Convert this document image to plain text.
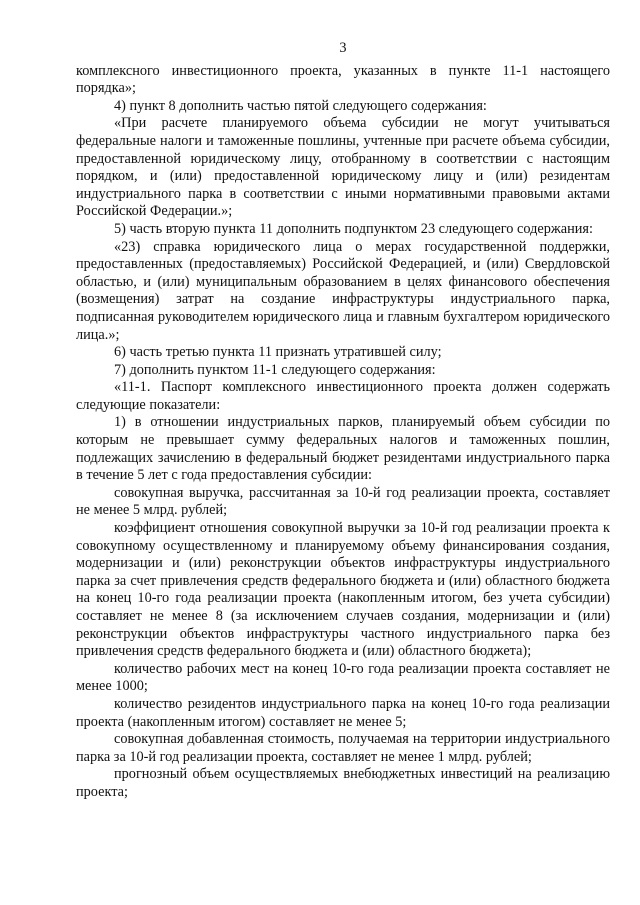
3

комплексного инвестиционного проекта, указанных в пункте 11-1 настоящего порядка»;

4) пункт 8 дополнить частью пятой следующего содержания:

«При расчете планируемого объема субсидии не могут учитываться федеральные налоги и таможенные пошлины, учтенные при расчете объема субсидии, предоставленной юридическому лицу, отобранному в соответствии с настоящим порядком, и (или) предоставленной юридическому лицу и (или) резидентам индустриального парка в соответствии с иными нормативными правовыми актами Российской Федерации.»;

5) часть вторую пункта 11 дополнить подпунктом 23 следующего содержания:

«23) справка юридического лица о мерах государственной поддержки, предоставленных (предоставляемых) Российской Федерацией, и (или) Свердловской областью, и (или) муниципальным образованием в целях финансового обеспечения (возмещения) затрат на создание инфраструктуры индустриального парка, подписанная руководителем юридического лица и главным бухгалтером юридического лица.»;

6) часть третью пункта 11 признать утратившей силу;

7) дополнить пунктом 11-1 следующего содержания:

«11-1. Паспорт комплексного инвестиционного проекта должен содержать следующие показатели:

1) в отношении индустриальных парков, планируемый объем субсидии по которым не превышает сумму федеральных налогов и таможенных пошлин, подлежащих зачислению в федеральный бюджет резидентами индустриального парка в течение 5 лет с года предоставления субсидии:

совокупная выручка, рассчитанная за 10-й год реализации проекта, составляет не менее 5 млрд. рублей;

коэффициент отношения совокупной выручки за 10-й год реализации проекта к совокупному осуществленному и планируемому объему финансирования создания, модернизации и (или) реконструкции объектов инфраструктуры индустриального парка за счет привлечения средств федерального бюджета и (или) областного бюджета на конец 10-го года реализации проекта (накопленным итогом, без учета субсидии) составляет не менее 8 (за исключением случаев создания, модернизации и (или) реконструкции объектов инфраструктуры частного индустриального парка без привлечения средств федерального бюджета и (или) областного бюджета);

количество рабочих мест на конец 10-го года реализации проекта составляет не менее 1000;

количество резидентов индустриального парка на конец 10-го года реализации проекта (накопленным итогом) составляет не менее 5;

совокупная добавленная стоимость, получаемая на территории индустриального парка за 10-й год реализации проекта, составляет не менее 1 млрд. рублей;

прогнозный объем осуществляемых внебюджетных инвестиций на реализацию проекта;
